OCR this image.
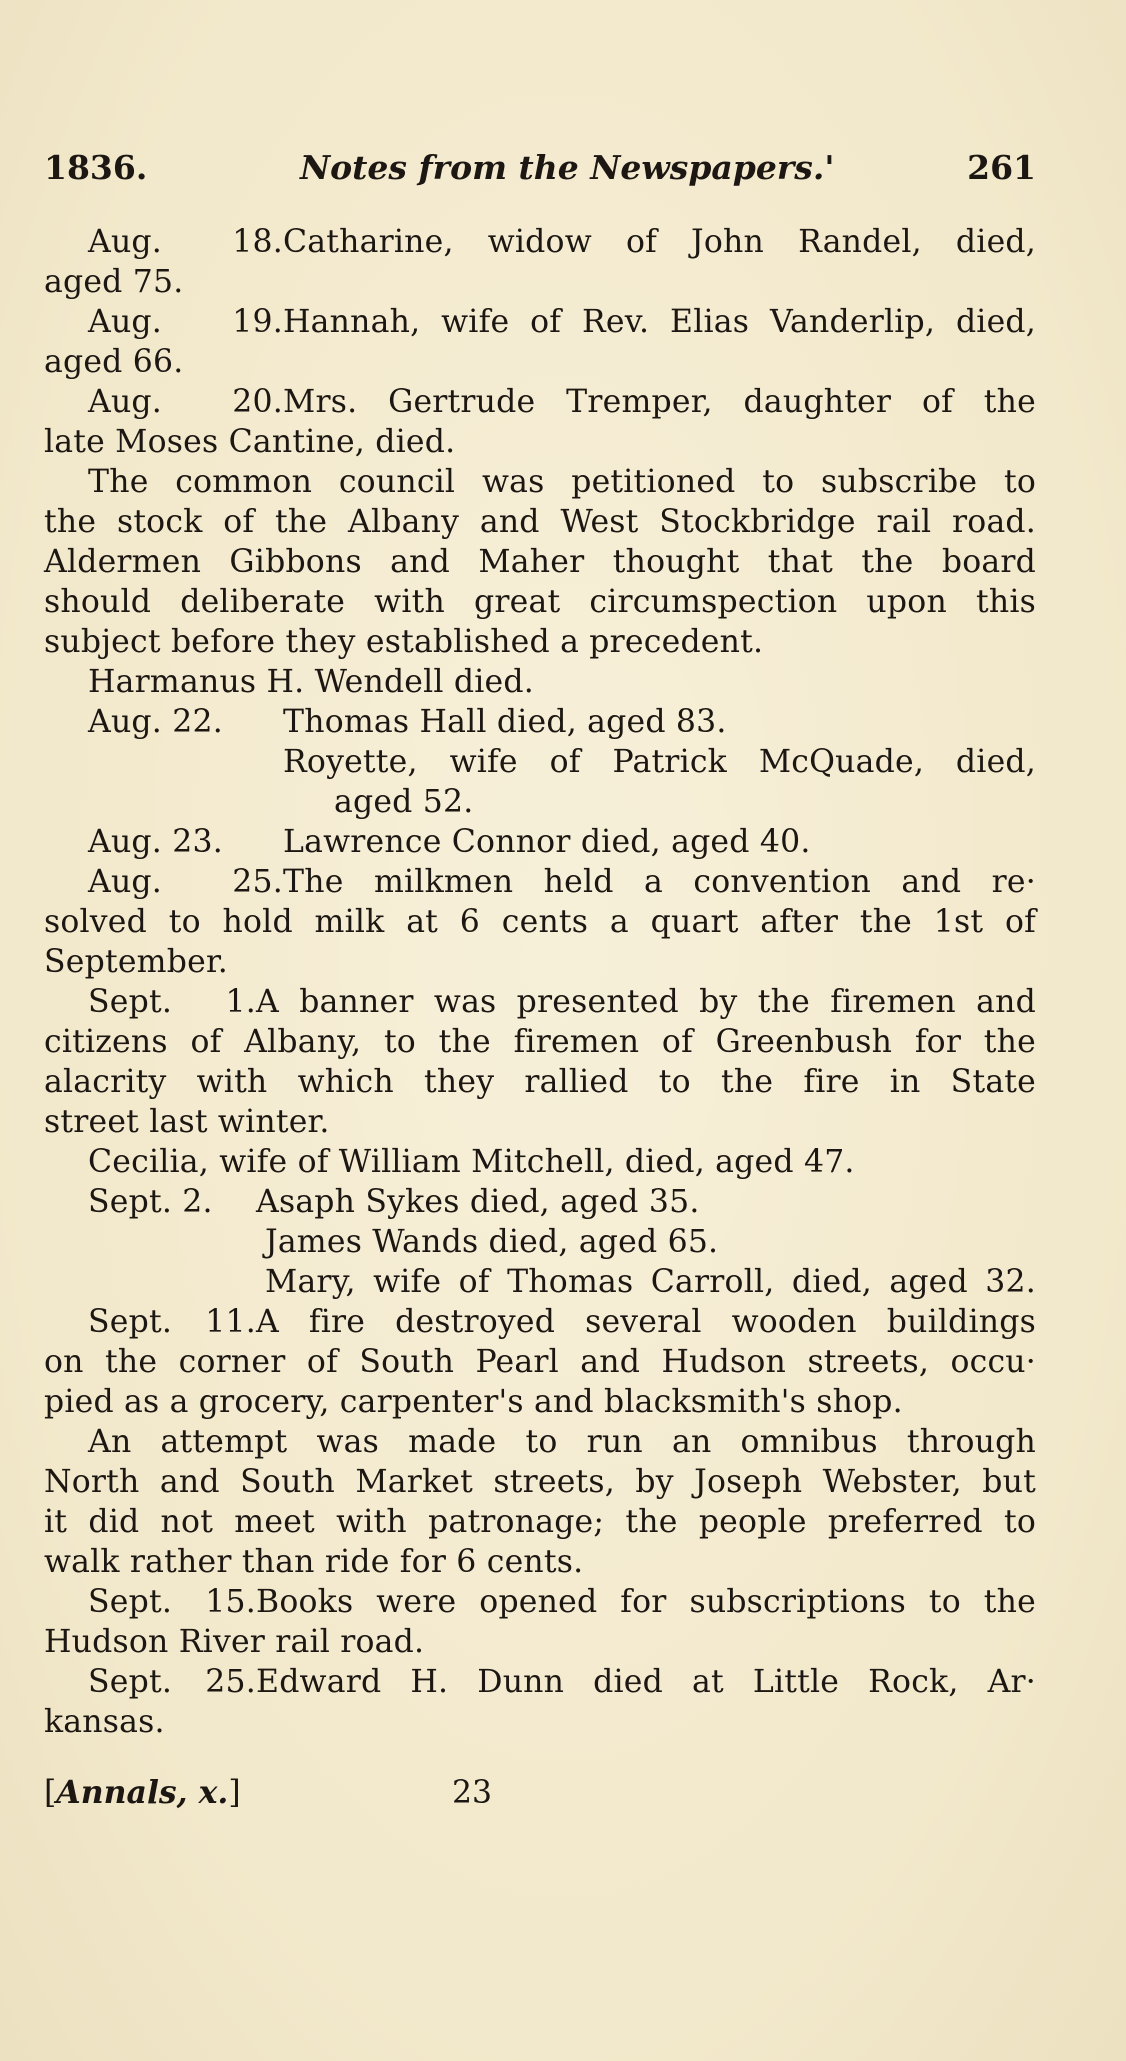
1836.	Notes from the Newspapers.'	261
Aug. 18.Catharine, widow of John Randel, died,
aged 75.
Aug. 19.Hannah, wife of Rev. Elias Vanderlip, died,
aged 66.
Aug. 20.Mrs. Gertrude Tremper, daughter of the
late Moses Cantine, died.
The common council was petitioned to subscribe to
the stock of the Albany and West Stockbridge rail road.
Aldermen Gibbons and Maher thought that the board
should deliberate with great circumspection upon this
subject before they established a precedent.
Harmanus H. Wendell died.
Aug. 22. Thomas Hall died, aged 83.
Royette, wife of Patrick McQuade, died,
aged 52.
Aug. 23. Lawrence Connor died, aged 40.
Aug. 25.The milkmen held a convention and re·
solved to hold milk at 6 cents a quart after the 1st of
September.
Sept. 1.A banner was presented by the firemen and
citizens of Albany, to the firemen of Greenbush for the
alacrity with which they rallied to the fire in State
street last winter.
Cecilia, wife of William Mitchell, died, aged 47.
Sept. 2. Asaph Sykes died, aged 35.
James Wands died, aged 65.
Mary, wife of Thomas Carroll, died, aged 32.
Sept. 11.A fire destroyed several wooden buildings
on the corner of South Pearl and Hudson streets, occu·
pied as a grocery, carpenter's and blacksmith's shop.
An attempt was made to run an omnibus through
North and South Market streets, by Joseph Webster, but
it did not meet with patronage; the people preferred to
walk rather than ride for 6 cents.
Sept. 15.Books were opened for subscriptions to the
Hudson River rail road.
Sept. 25.Edward H. Dunn died at Little Rock, Ar·
kansas.
[Annals, x.]	23
